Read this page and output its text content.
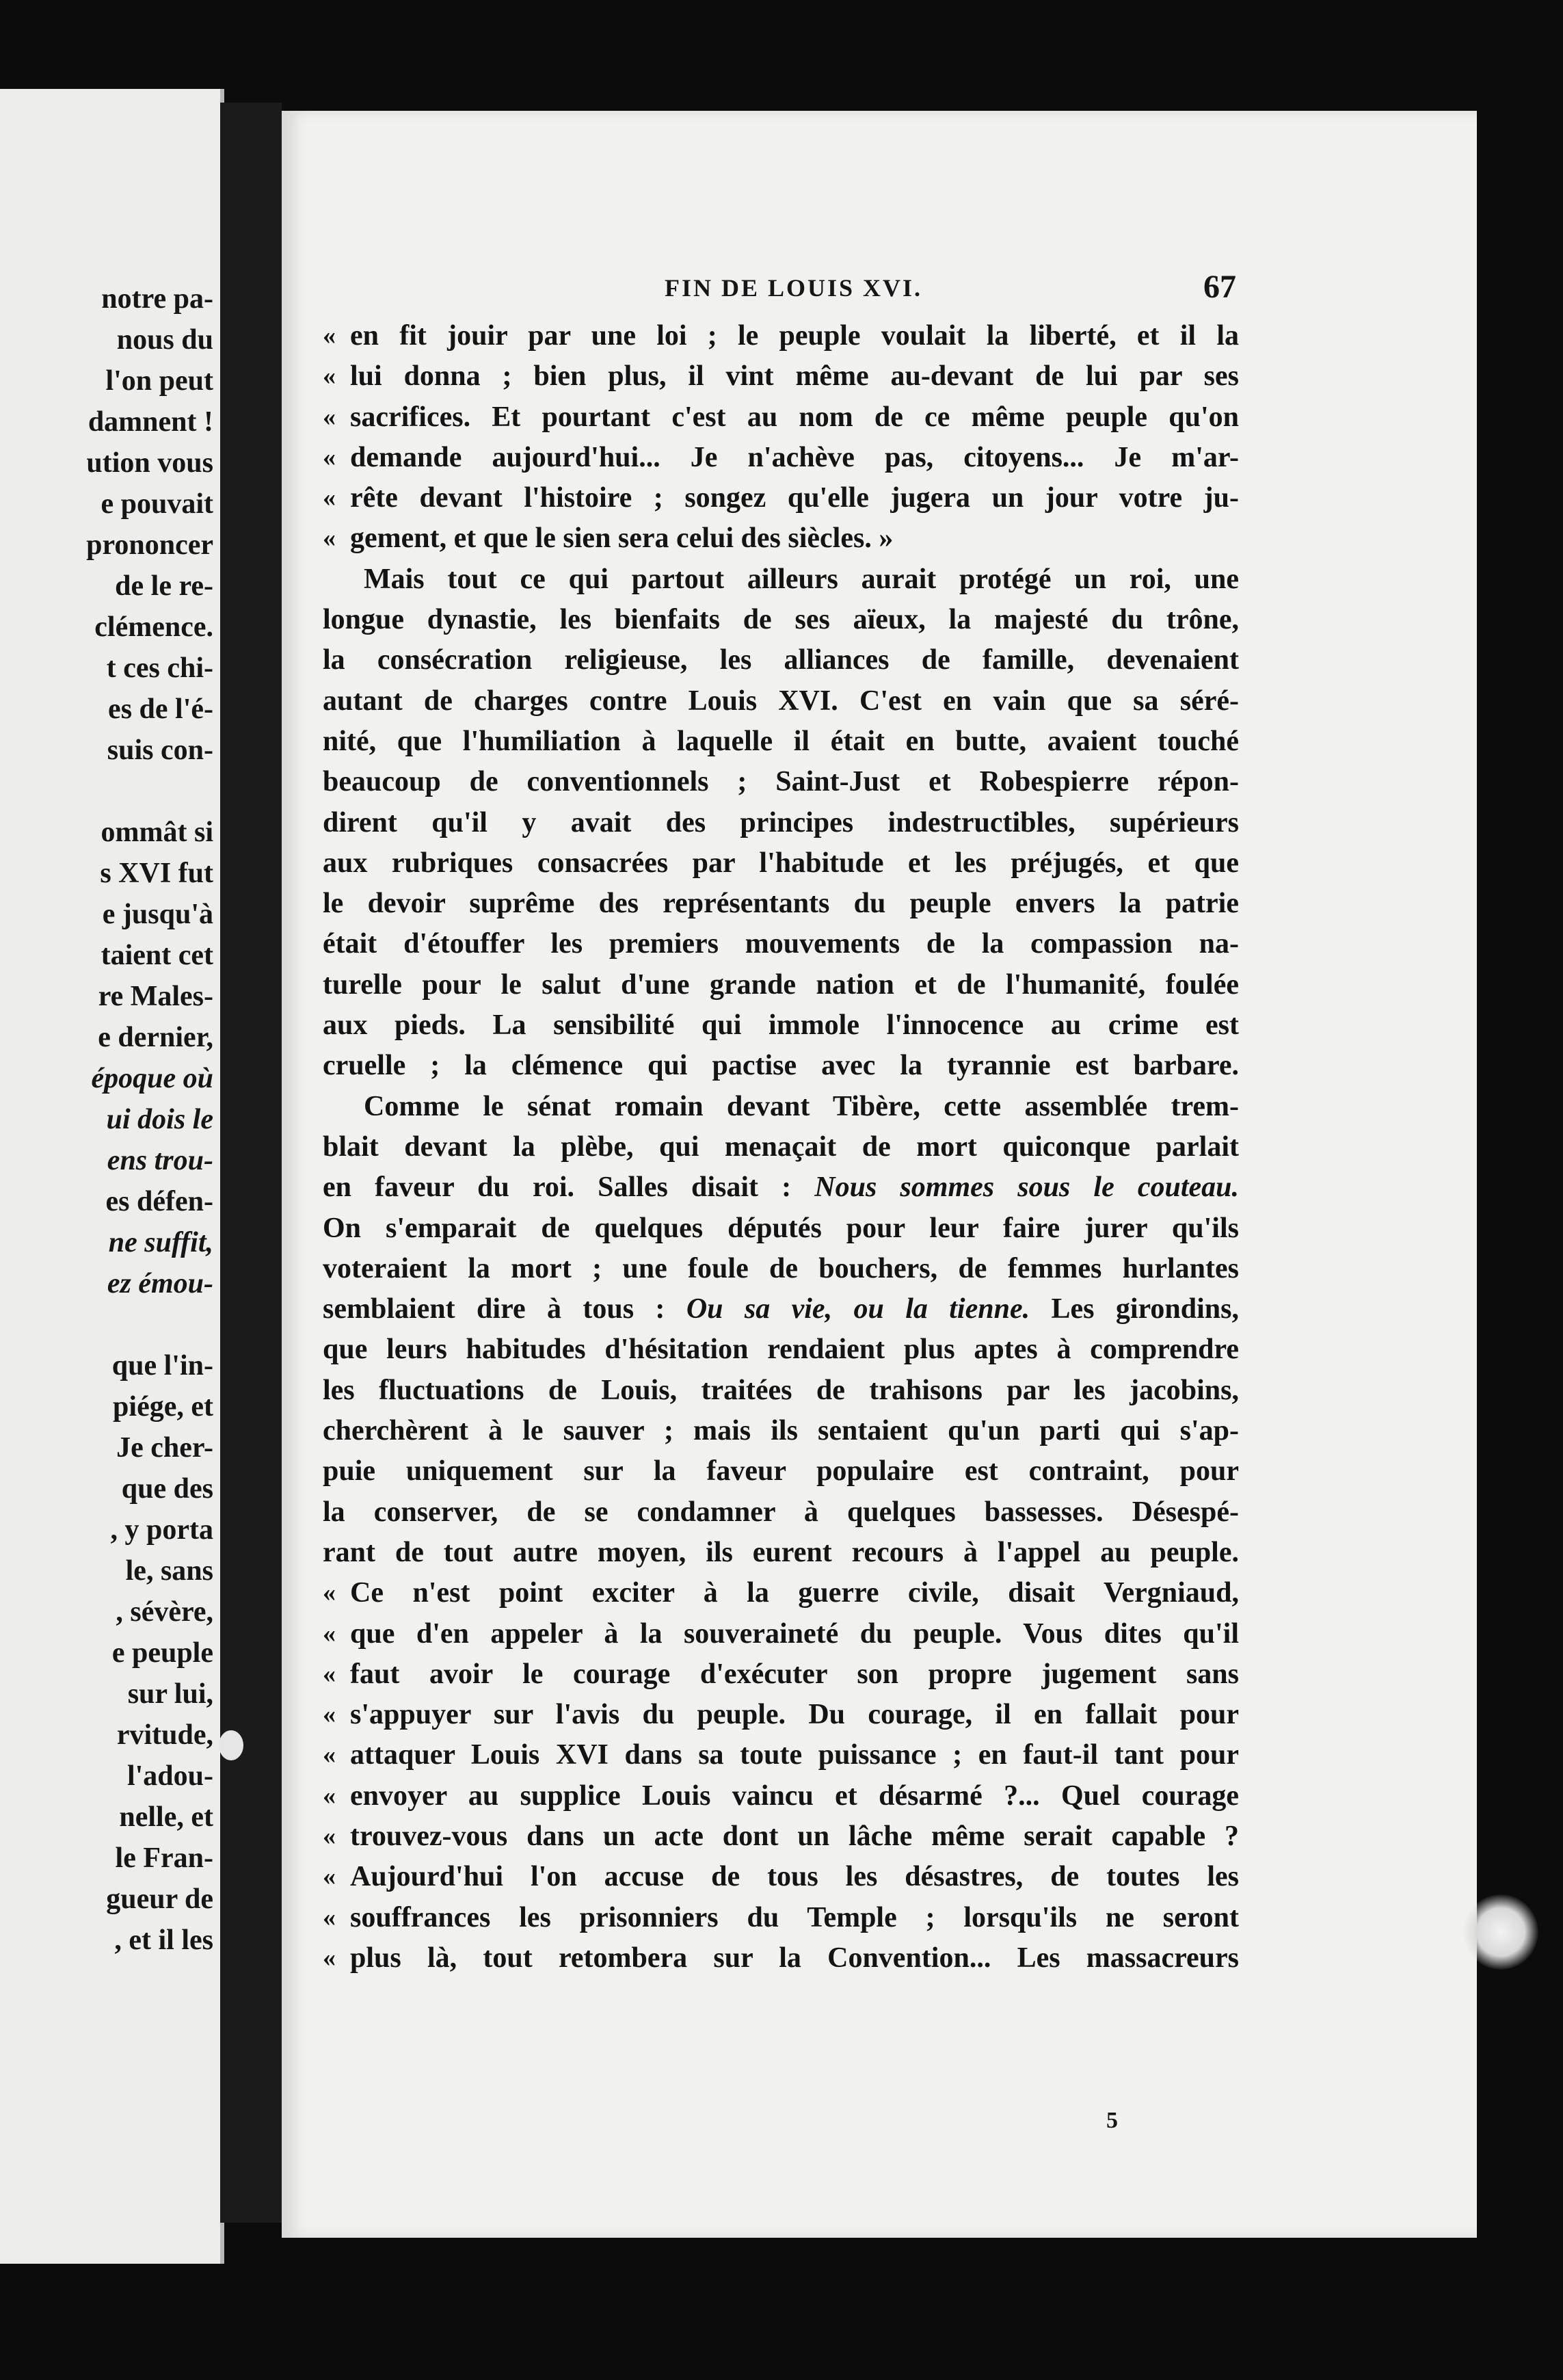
notre pa-
nous du
l'on peut
damnent !
ution vous
e pouvait
prononcer
de le re-
clémence.
t ces chi-
es de l'é-
suis con-
ommât si
s XVI fut
e jusqu'à
taient cet
re Males-
e dernier,
époque où
ui dois le
ens trou-
es défen-
ne suffit,
ez émou-
que l'in-
piége, et
Je cher-
que des
, y porta
le, sans
, sévère,
e peuple
sur lui,
rvitude,
l'adou-
nelle, et
le Fran-
gueur de
, et il les
FIN DE LOUIS XVI.	67
« en fit jouir par une loi ; le peuple voulait la liberté, et il la
« lui donna ; bien plus, il vint même au-devant de lui par ses
« sacrifices. Et pourtant c'est au nom de ce même peuple qu'on
« demande aujourd'hui... Je n'achève pas, citoyens... Je m'ar-
« rête devant l'histoire ; songez qu'elle jugera un jour votre ju-
« gement, et que le sien sera celui des siècles. »
Mais tout ce qui partout ailleurs aurait protégé un roi, une
longue dynastie, les bienfaits de ses aïeux, la majesté du trône,
la consécration religieuse, les alliances de famille, devenaient
autant de charges contre Louis XVI. C'est en vain que sa séré-
nité, que l'humiliation à laquelle il était en butte, avaient touché
beaucoup de conventionnels ; Saint-Just et Robespierre répon-
dirent qu'il y avait des principes indestructibles, supérieurs
aux rubriques consacrées par l'habitude et les préjugés, et que
le devoir suprême des représentants du peuple envers la patrie
était d'étouffer les premiers mouvements de la compassion na-
turelle pour le salut d'une grande nation et de l'humanité, foulée
aux pieds. La sensibilité qui immole l'innocence au crime est
cruelle ; la clémence qui pactise avec la tyrannie est barbare.
Comme le sénat romain devant Tibère, cette assemblée trem-
blait devant la plèbe, qui menaçait de mort quiconque parlait
en faveur du roi. Salles disait : Nous sommes sous le couteau.
On s'emparait de quelques députés pour leur faire jurer qu'ils
voteraient la mort ; une foule de bouchers, de femmes hurlantes
semblaient dire à tous : Ou sa vie, ou la tienne. Les girondins,
que leurs habitudes d'hésitation rendaient plus aptes à comprendre
les fluctuations de Louis, traitées de trahisons par les jacobins,
cherchèrent à le sauver ; mais ils sentaient qu'un parti qui s'ap-
puie uniquement sur la faveur populaire est contraint, pour
la conserver, de se condamner à quelques bassesses. Désespé-
rant de tout autre moyen, ils eurent recours à l'appel au peuple.
« Ce n'est point exciter à la guerre civile, disait Vergniaud,
« que d'en appeler à la souveraineté du peuple. Vous dites qu'il
« faut avoir le courage d'exécuter son propre jugement sans
« s'appuyer sur l'avis du peuple. Du courage, il en fallait pour
« attaquer Louis XVI dans sa toute puissance ; en faut-il tant pour
« envoyer au supplice Louis vaincu et désarmé ?... Quel courage
« trouvez-vous dans un acte dont un lâche même serait capable ?
« Aujourd'hui l'on accuse de tous les désastres, de toutes les
« souffrances les prisonniers du Temple ; lorsqu'ils ne seront
« plus là, tout retombera sur la Convention... Les massacreurs
5
